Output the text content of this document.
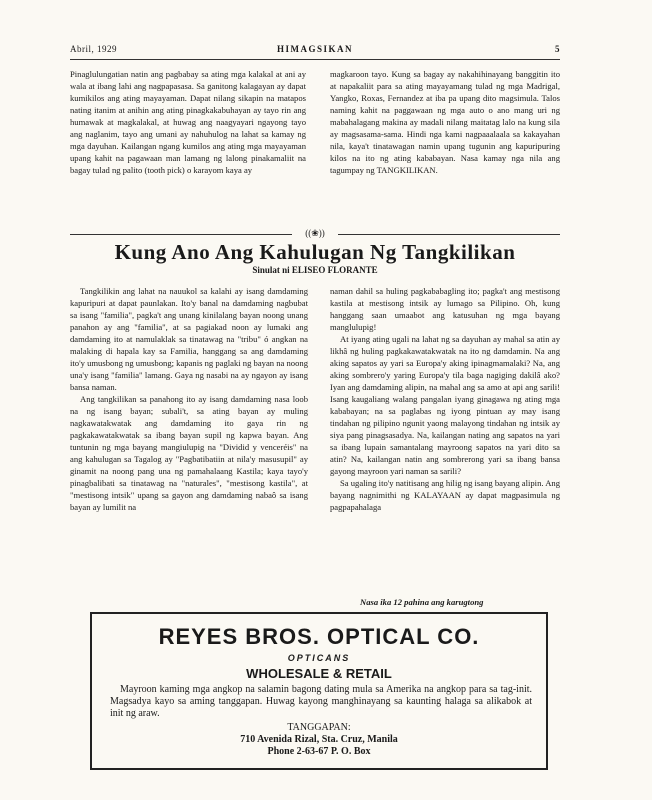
Abril, 1929	HIMAGSIKAN	5

Pinaglulungatian natin ang pagbabay sa ating mga kalakal at ani ay wala at ibang lahi ang nagpapasasa. Sa ganitong kalagayan ay dapat kumikilos ang ating mayayaman. Dapat nilang sikapin na matapos nating itanim at anihin ang ating pinagkakabuhayan ay tayo rin ang humawak at magkalakal, at huwag ang naagyayari ngayong tayo ang naglanim, tayo ang umani ay nahuhulog na lahat sa kamay ng mga dayuhan. Kailangan ngang kumilos ang ating mga mayayaman upang kahit na pagawaan man lamang ng lalong pinakamaliit na bagay tulad ng palito (tooth pick) o karayom kaya ay

magkaroon tayo. Kung sa bagay ay nakahihinayang banggitin ito at napakaliit para sa ating mayayamang tulad ng mga Madrigal, Yangko, Roxas, Fernandez at iba pa upang dito magsimula. Talos naming kahit na paggawaan ng mga auto o ano mang uri ng mabahalagang makina ay madali nilang maitatag lalo na kung sila ay magsasama-sama. Hindi nga kami nagpaaalaala sa kakayahan nila, kaya't tinatawagan namin upang tugunin ang kapuripuring kilos na ito ng ating kababayan. Nasa kamay nga nila ang tagumpay ng TANGKILIKAN.

((❀))
Kung Ano Ang Kahulugan Ng Tangkilikan
Sinulat ni ELISEO FLORANTE

Tangkilikin ang lahat na nauukol sa kalahi ay isang damdaming kapuripuri at dapat paunlakan. Ito'y banal na damdaming nagbubat sa isang "familia", pagka't ang unang kinilalang bayan noong unang panahon ay ang "familia", at sa pagiakad noon ay lumaki ang damdaming ito at namulaklak sa tinatawag na "tribu" ó angkan na malaking di hapala kay sa Familia, hanggang sa ang damdaming ito'y umusbong ng umusbong; kapanis ng paglaki ng bayan na noong una'y isang "familia" lamang. Gaya ng nasabi na ay ngayon ay isang bansa naman.

Ang tangkilikan sa panahong ito ay isang damdaming nasa loob na ng isang bayan; subali't, sa ating bayan ay muling nagkawatakwatak ang damdaming ito gaya rin ng pagkakawatakwatak sa ibang bayan supil ng kapwa bayan. Ang tuntunin ng mga bayang mangiulupig na "Dividid y venceréis" na ang kahulugan sa Tagalog ay "Pagbatibatiin at nila'y masusupil" ay ginamit na noong pang una ng pamahalaang Kastila; kaya tayo'y pinagbalibati sa tinatawag na "naturales", "mestisong kastila", at "mestisong intsik" upang sa gayon ang damdaming nabaô sa isang bayan ay lumilit na

naman dahil sa huling pagkababagling ito; pagka't ang mestisong kastila at mestisong intsik ay lumago sa Pilipino. Oh, kung hanggang saan umaabot ang katusuhan ng mga bayang manglulupig!

At iyang ating ugali na lahat ng sa dayuhan ay mahal sa atin ay likhâ ng huling pagkakawatakwatak na ito ng damdamin. Na ang aking sapatos ay yari sa Europa'y aking ipinagmamalaki? Na, ang aking sombrero'y yaring Europa'y tila baga nagiging dakilâ ako? Iyan ang damdaming alipin, na mahal ang sa amo at api ang sarili! Isang kaugaliang walang pangalan iyang ginagawa ng ating mga kababayan; na sa paglabas ng iyong pintuan ay may isang tindahan ng pilipino ngunit yaong malayong tindahan ng intsik ay siya pang pinagsasadya. Na, kailangan nating ang sapatos na yari sa ibang lupain samantalang mayroong sapatos na yari dito sa atin? Na, kailangan natin ang sombrerong yari sa ibang bansa gayong mayroon yari naman sa sarili?

Sa ugaling ito'y natitisang ang hilig ng isang bayang alipin. Ang bayang nagnimithi ng KALAYAAN ay dapat magpasimula ng pagpapahalaga

Nasa ika 12 pahina ang karugtong
REYES BROS. OPTICAL CO.
OPTICANS
WHOLESALE & RETAIL
Mayroon kaming mga angkop na salamin bagong dating mula sa Amerika na angkop para sa tag-init. Magsadya kayo sa aming tanggapan. Huwag kayong manghinayang sa kaunting halaga sa alikabok at init ng araw.
TANGGAPAN:
710 Avenida Rizal, Sta. Cruz, Manila
Phone 2-63-67 P. O. Box
